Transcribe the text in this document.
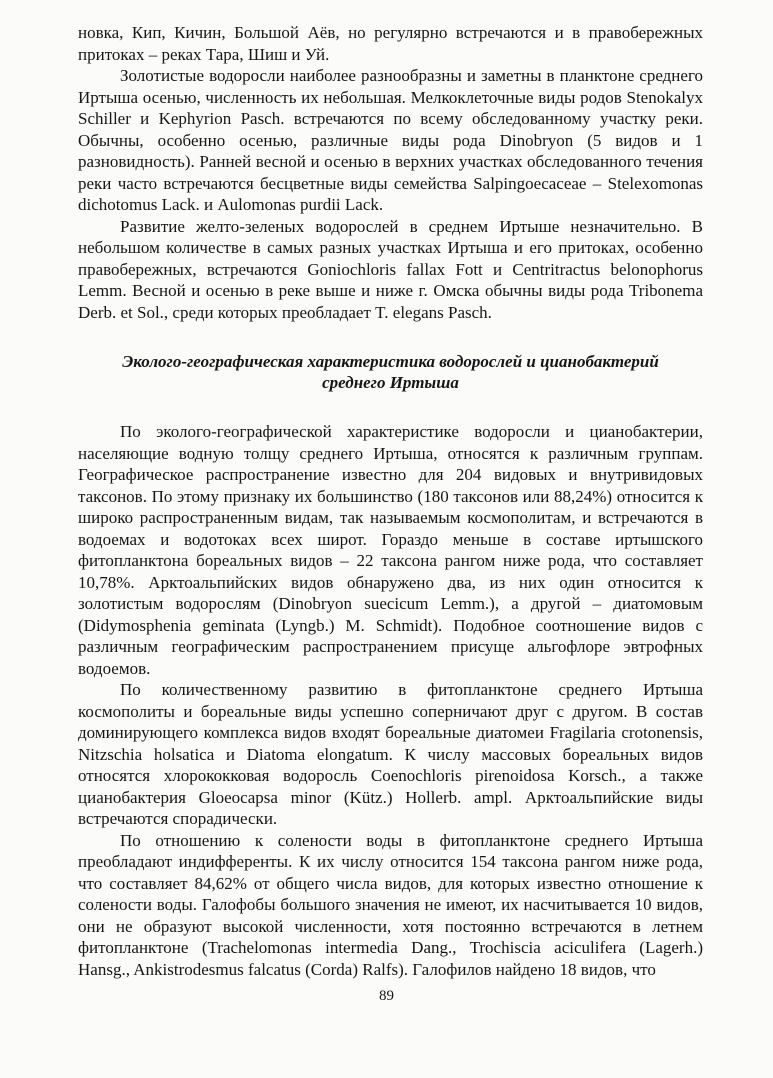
новка, Кип, Кичин, Большой Аёв, но регулярно встречаются и в правобережных притоках – реках Тара, Шиш и Уй.

Золотистые водоросли наиболее разнообразны и заметны в планктоне среднего Иртыша осенью, численность их небольшая. Мелкоклеточные виды родов Stenokalyx Schiller и Kephyrion Pasch. встречаются по всему обследованному участку реки. Обычны, особенно осенью, различные виды рода Dinobryon (5 видов и 1 разновидность). Ранней весной и осенью в верхних участках обследованного течения реки часто встречаются бесцветные виды семейства Salpingoecaceae – Stelexomonas dichotomus Lack. и Aulomonas purdii Lack.

Развитие желто-зеленых водорослей в среднем Иртыше незначительно. В небольшом количестве в самых разных участках Иртыша и его притоках, особенно правобережных, встречаются Goniochloris fallax Fott и Centritractus belonophorus Lemm. Весной и осенью в реке выше и ниже г. Омска обычны виды рода Tribonema Derb. et Sol., среди которых преобладает T. elegans Pasch.

Эколого-географическая характеристика водорослей и цианобактерий среднего Иртыша

По эколого-географической характеристике водоросли и цианобактерии, населяющие водную толщу среднего Иртыша, относятся к различным группам. Географическое распространение известно для 204 видовых и внутривидовых таксонов. По этому признаку их большинство (180 таксонов или 88,24%) относится к широко распространенным видам, так называемым космополитам, и встречаются в водоемах и водотоках всех широт. Гораздо меньше в составе иртышского фитопланктона бореальных видов – 22 таксона рангом ниже рода, что составляет 10,78%. Арктоальпийских видов обнаружено два, из них один относится к золотистым водорослям (Dinobryon suecicum Lemm.), а другой – диатомовым (Didymosphenia geminata (Lyngb.) M. Schmidt). Подобное соотношение видов с различным географическим распространением присуще альгофлоре эвтрофных водоемов.

По количественному развитию в фитопланктоне среднего Иртыша космополиты и бореальные виды успешно соперничают друг с другом. В состав доминирующего комплекса видов входят бореальные диатомеи Fragilaria crotonensis, Nitzschia holsatica и Diatoma elongatum. К числу массовых бореальных видов относятся хлорококковая водоросль Coenochloris pirenoidosa Korsch., а также цианобактерия Gloeocapsa minor (Kütz.) Hollerb. ampl. Арктоальпийские виды встречаются спорадически.

По отношению к солености воды в фитопланктоне среднего Иртыша преобладают индифференты. К их числу относится 154 таксона рангом ниже рода, что составляет 84,62% от общего числа видов, для которых известно отношение к солености воды. Галофобы большого значения не имеют, их насчитывается 10 видов, они не образуют высокой численности, хотя постоянно встречаются в летнем фитопланктоне (Trachelomonas intermedia Dang., Trochiscia aciculifera (Lagerh.) Hansg., Ankistrodesmus falcatus (Corda) Ralfs). Галофилов найдено 18 видов, что

89
